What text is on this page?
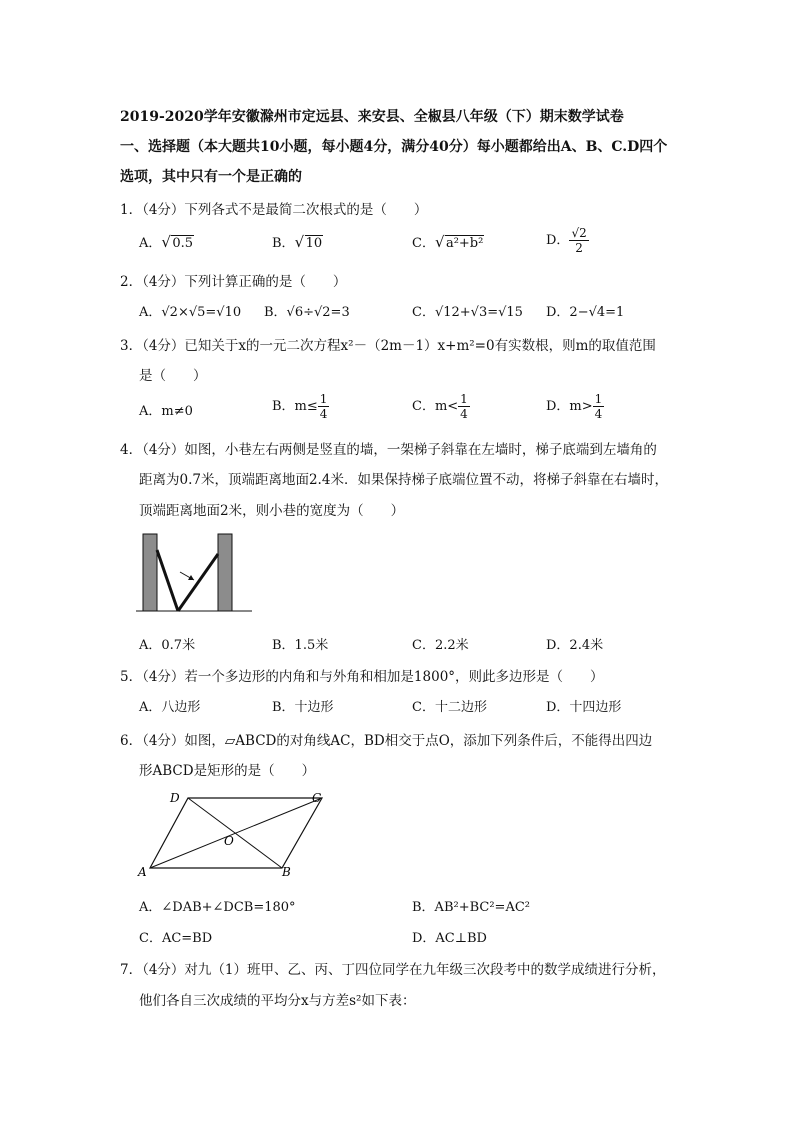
2019-2020学年安徽滁州市定远县、来安县、全椒县八年级（下）期末数学试卷
一、选择题（本大题共10小题，每小题4分，满分40分）每小题都给出A、B、C.D四个
选项，其中只有一个是正确的
1．（4分）下列各式不是最简二次根式的是（　　）
A． √ 0.5	B． √ 10	C． √ a²+b²	D． $\frac{√2}{2}$
2．（4分）下列计算正确的是（　　）
A．√2×√5=√10 B．√6÷√2=3	C．√12+√3=√15 D．2−√4=1
3．（4分）已知关于x的一元二次方程x²－（2m－1）x+m²=0有实数根，则m的取值范围
是（　　）
A．m≠0	B．$m\le \frac{1}{4}$	C．$m< \frac{1}{4}$	D．$m> \frac{1}{4}$
4．（4分）如图，小巷左右两侧是竖直的墙，一架梯子斜靠在左墙时，梯子底端到左墙角的
距离为0.7米，顶端距离地面2.4米．如果保持梯子底端位置不动，将梯子斜靠在右墙时，
顶端距离地面2米，则小巷的宽度为（　　）
A．0.7米	B．1.5米	C．2.2米	D．2.4米
5．（4分）若一个多边形的内角和与外角和相加是1800°，则此多边形是（　　）
A．八边形	B．十边形	C．十二边形	D．十四边形
6．（4分）如图，▱ABCD的对角线AC，BD相交于点O，添加下列条件后，不能得出四边
形ABCD是矩形的是（　　）
A	B
C
D
O
A．∠DAB+∠DCB=180°	B．AB²+BC²=AC²
C．AC=BD	D．AC⊥BD
7．（4分）对九（1）班甲、乙、丙、丁四位同学在九年级三次段考中的数学成绩进行分析，
他们各自三次成绩的平均分x与方差s²如下表：
